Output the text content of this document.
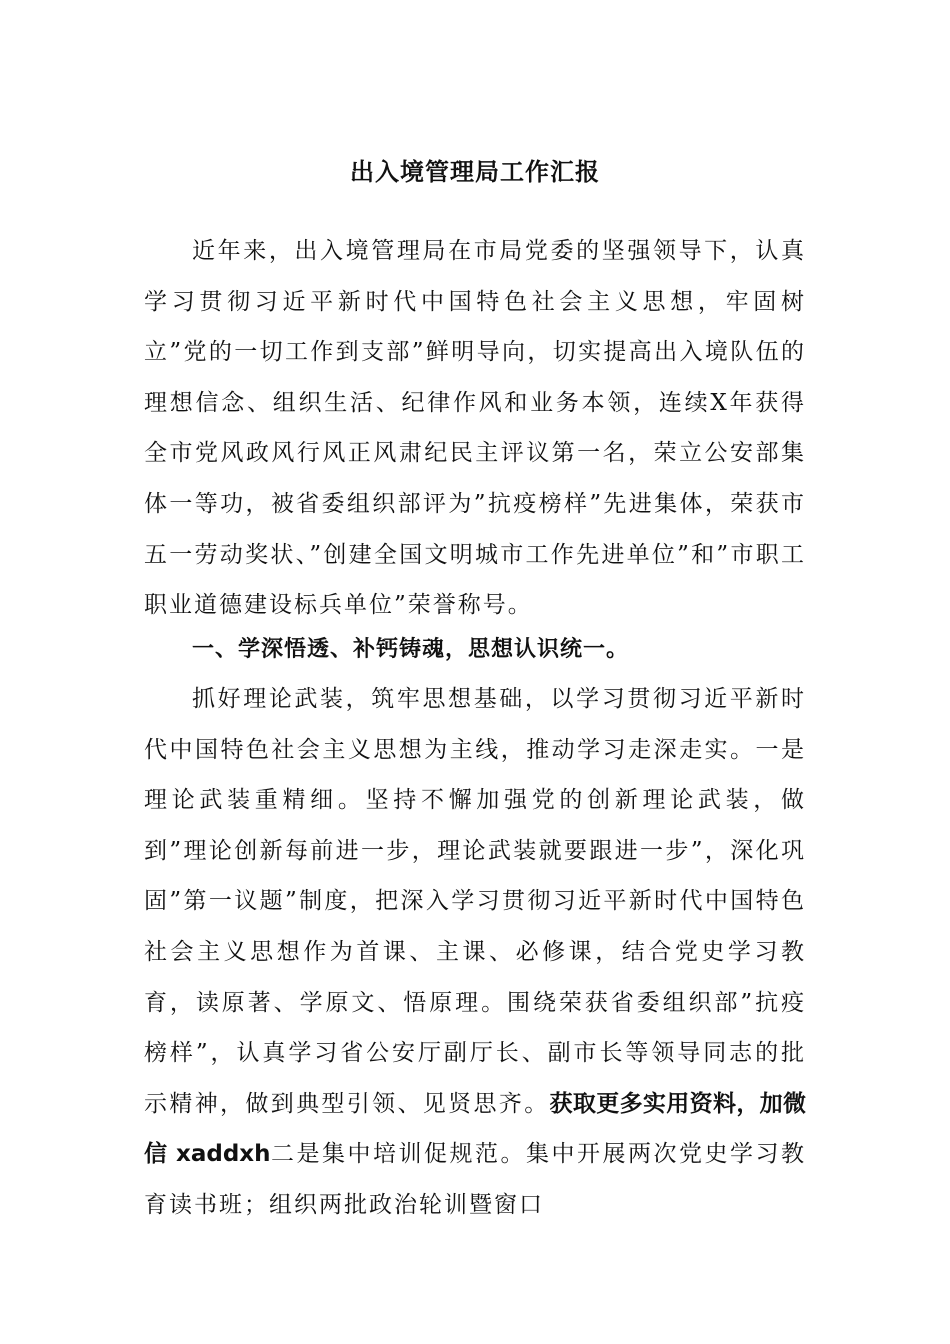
出入境管理局工作汇报
近年来，出入境管理局在市局党委的坚强领导下，认真学习贯彻习近平新时代中国特色社会主义思想，牢固树立”党的一切工作到支部”鲜明导向，切实提高出入境队伍的理想信念、组织生活、纪律作风和业务本领，连续X年获得全市党风政风行风正风肃纪民主评议第一名，荣立公安部集体一等功，被省委组织部评为”抗疫榜样”先进集体，荣获市五一劳动奖状、”创建全国文明城市工作先进单位”和”市职工职业道德建设标兵单位”荣誉称号。
一、学深悟透、补钙铸魂，思想认识统一。
抓好理论武装，筑牢思想基础，以学习贯彻习近平新时代中国特色社会主义思想为主线，推动学习走深走实。一是理论武装重精细。坚持不懈加强党的创新理论武装，做到”理论创新每前进一步，理论武装就要跟进一步”，深化巩固”第一议题”制度，把深入学习贯彻习近平新时代中国特色社会主义思想作为首课、主课、必修课，结合党史学习教育，读原著、学原文、悟原理。围绕荣获省委组织部”抗疫榜样”，认真学习省公安厅副厅长、副市长等领导同志的批示精神，做到典型引领、见贤思齐。获取更多实用资料，加微信 xaddxh二是集中培训促规范。集中开展两次党史学习教育读书班；组织两批政治轮训暨窗口
